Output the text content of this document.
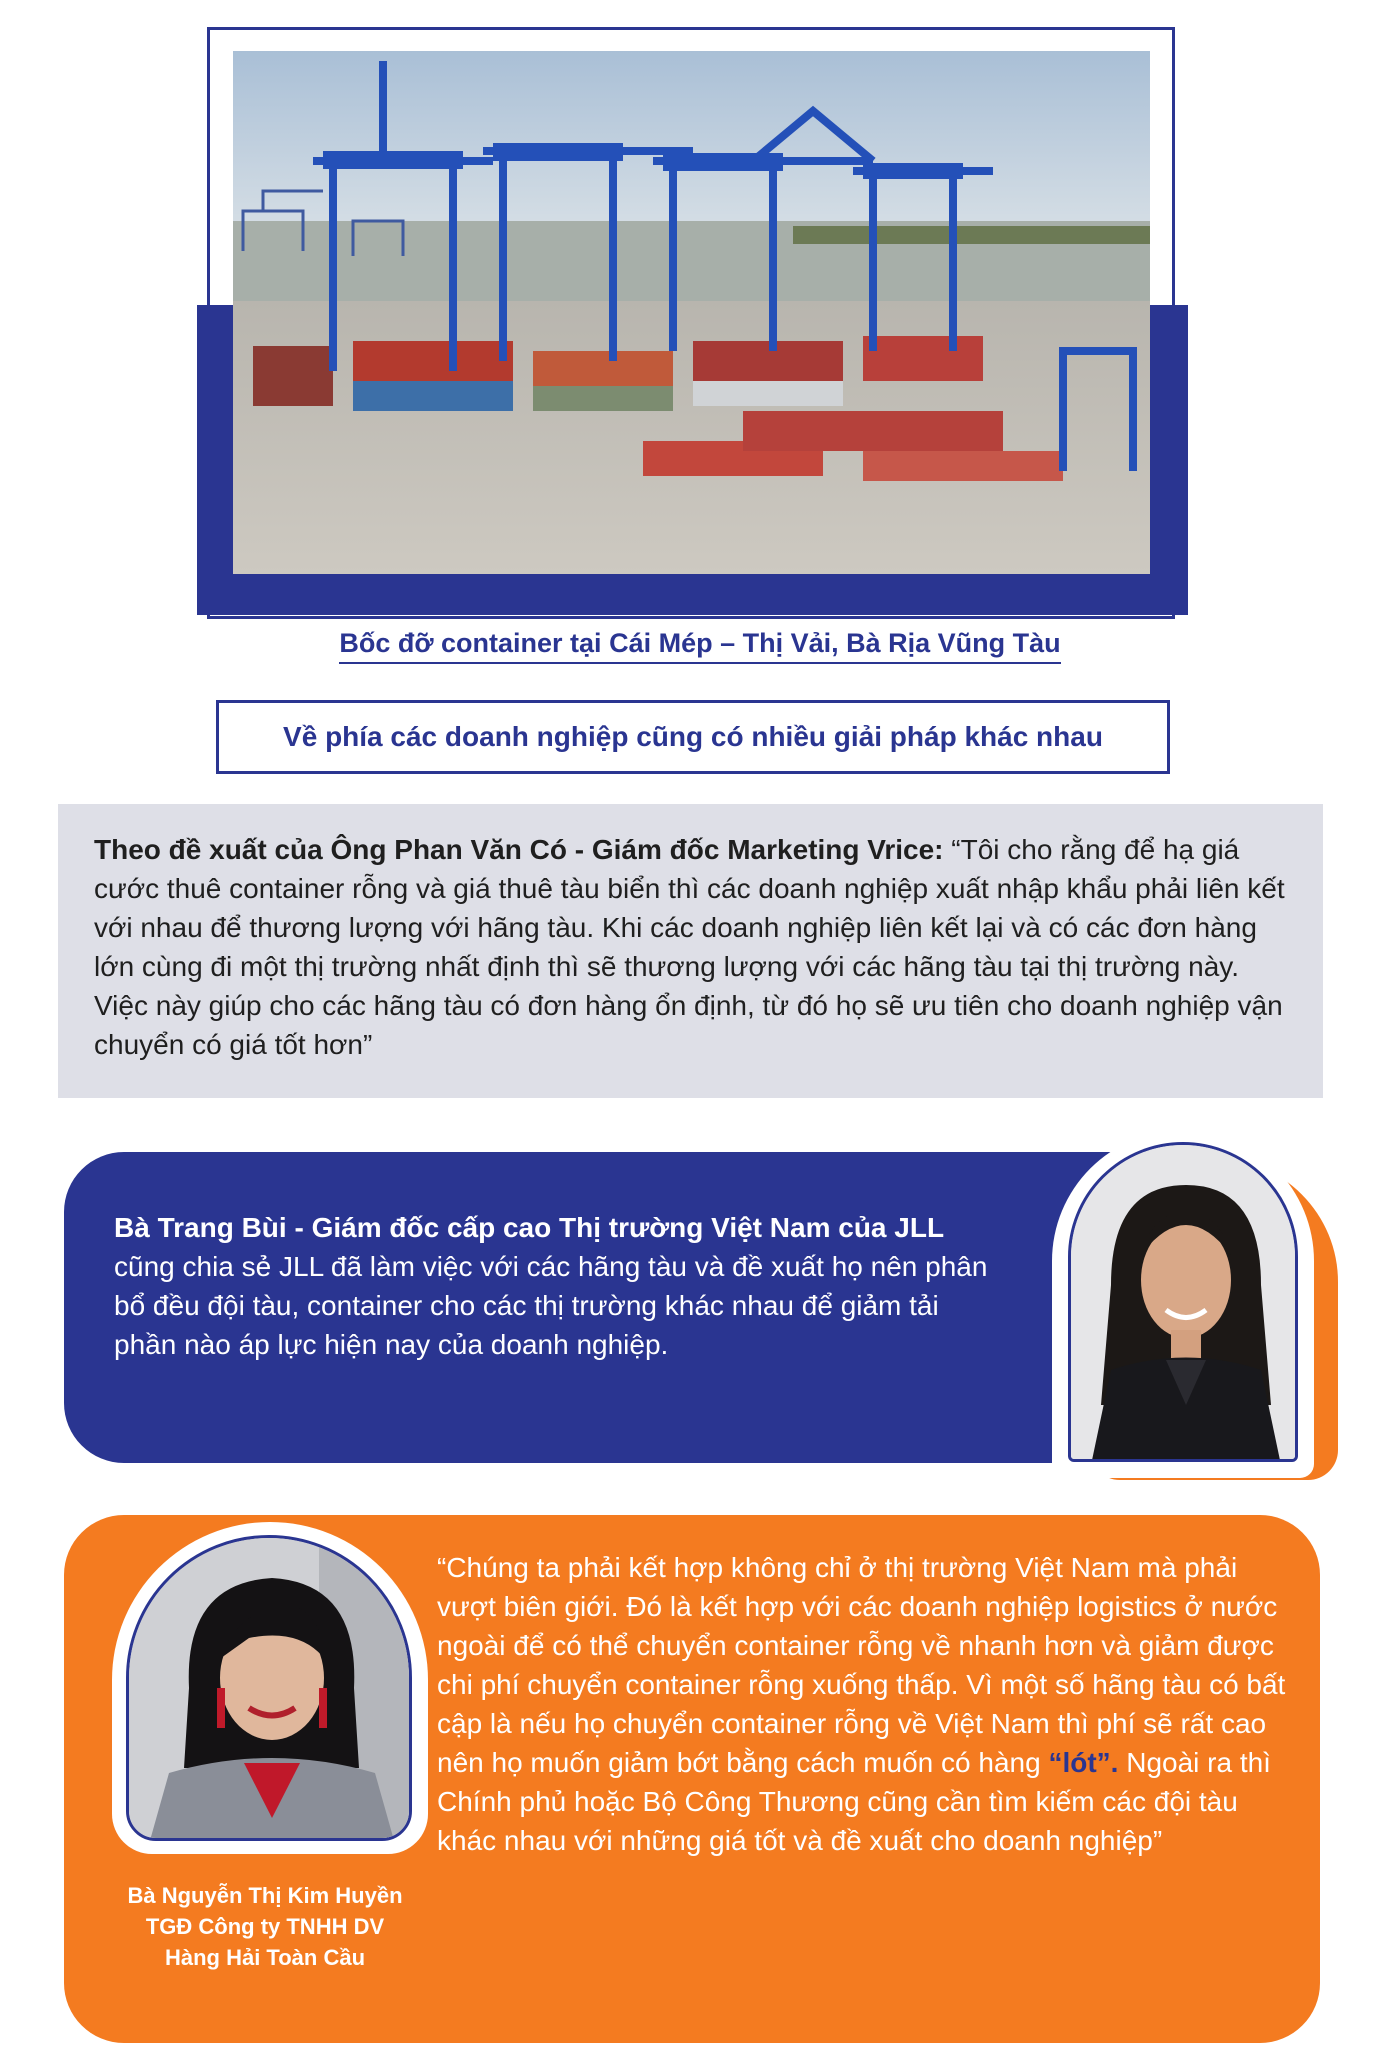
Bốc đỡ container tại Cái Mép – Thị Vải, Bà Rịa Vũng Tàu
Về phía các doanh nghiệp cũng có nhiều giải pháp khác nhau
Theo đề xuất của Ông Phan Văn Có - Giám đốc Marketing Vrice: “Tôi cho rằng để hạ giá cước thuê container rỗng và giá thuê tàu biển thì các doanh nghiệp xuất nhập khẩu phải liên kết với nhau để thương lượng với hãng tàu. Khi các doanh nghiệp liên kết lại và có các đơn hàng lớn cùng đi một thị trường nhất định thì sẽ thương lượng với các hãng tàu tại thị trường này. Việc này giúp cho các hãng tàu có đơn hàng ổn định, từ đó họ sẽ ưu tiên cho doanh nghiệp vận chuyển có giá tốt hơn”
Bà Trang Bùi - Giám đốc cấp cao Thị trường Việt Nam của JLL cũng chia sẻ JLL đã làm việc với các hãng tàu và đề xuất họ nên phân bổ đều đội tàu, container cho các thị trường khác nhau để giảm tải phần nào áp lực hiện nay của doanh nghiệp.
Bà Nguyễn Thị Kim Huyền
TGĐ Công ty TNHH DV
Hàng Hải Toàn Cầu
“Chúng ta phải kết hợp không chỉ ở thị trường Việt Nam mà phải vượt biên giới. Đó là kết hợp với các doanh nghiệp logistics ở nước ngoài để có thể chuyển container rỗng về nhanh hơn và giảm được chi phí chuyển container rỗng xuống thấp. Vì một số hãng tàu có bất cập là nếu họ chuyển container rỗng về Việt Nam thì phí sẽ rất cao nên họ muốn giảm bớt bằng cách muốn có hàng “lót”. Ngoài ra thì Chính phủ hoặc Bộ Công Thương cũng cần tìm kiếm các đội tàu khác nhau với những giá tốt và đề xuất cho doanh nghiệp”
